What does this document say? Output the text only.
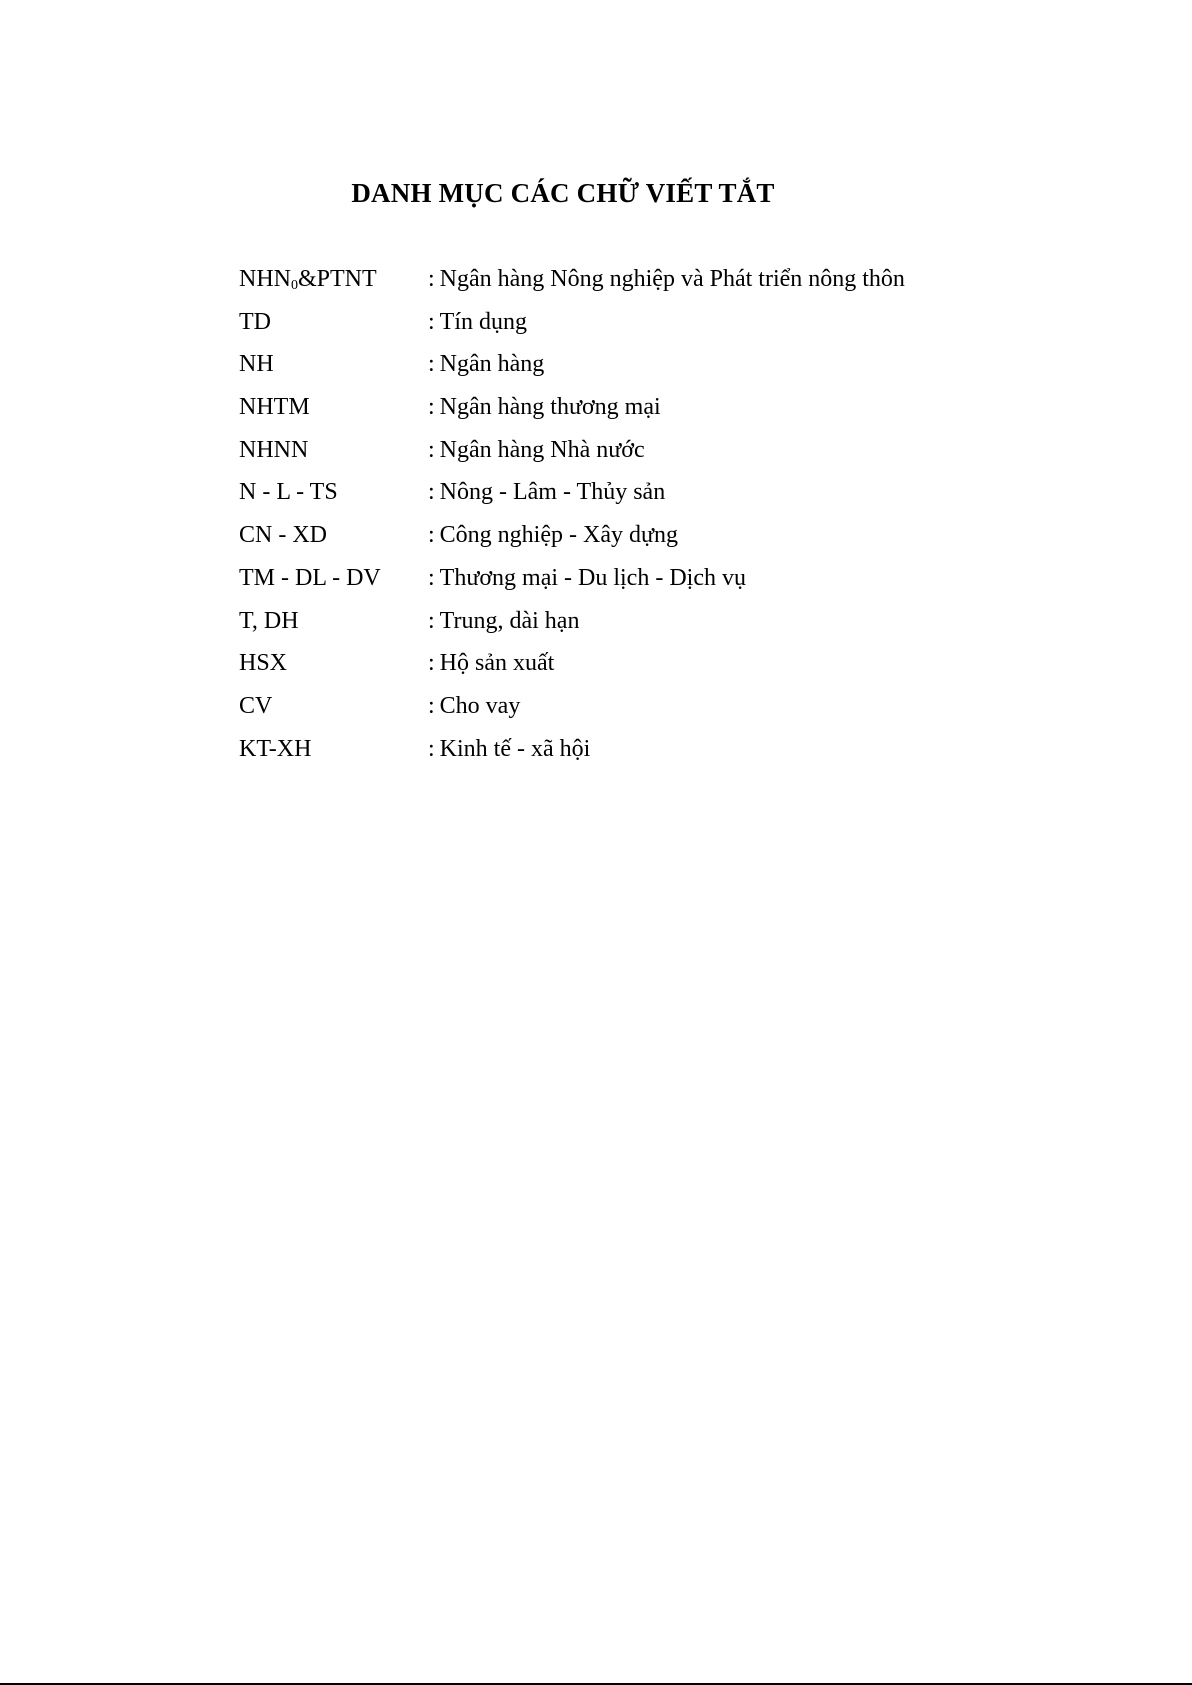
DANH MỤC CÁC CHỮ VIẾT TẮT
$NHN_0\&PTNT$	: Ngân hàng Nông nghiệp và Phát triển nông thôn
TD	: Tín dụng
NH	: Ngân hàng
NHTM	: Ngân hàng thương mại
NHNN	: Ngân hàng Nhà nước
N - L - TS	: Nông - Lâm - Thủy sản
CN - XD	: Công nghiệp - Xây dựng
TM - DL - DV	: Thương mại - Du lịch - Dịch vụ
T, DH	: Trung, dài hạn
HSX	: Hộ sản xuất
CV	: Cho vay
KT-XH	: Kinh tế - xã hội
